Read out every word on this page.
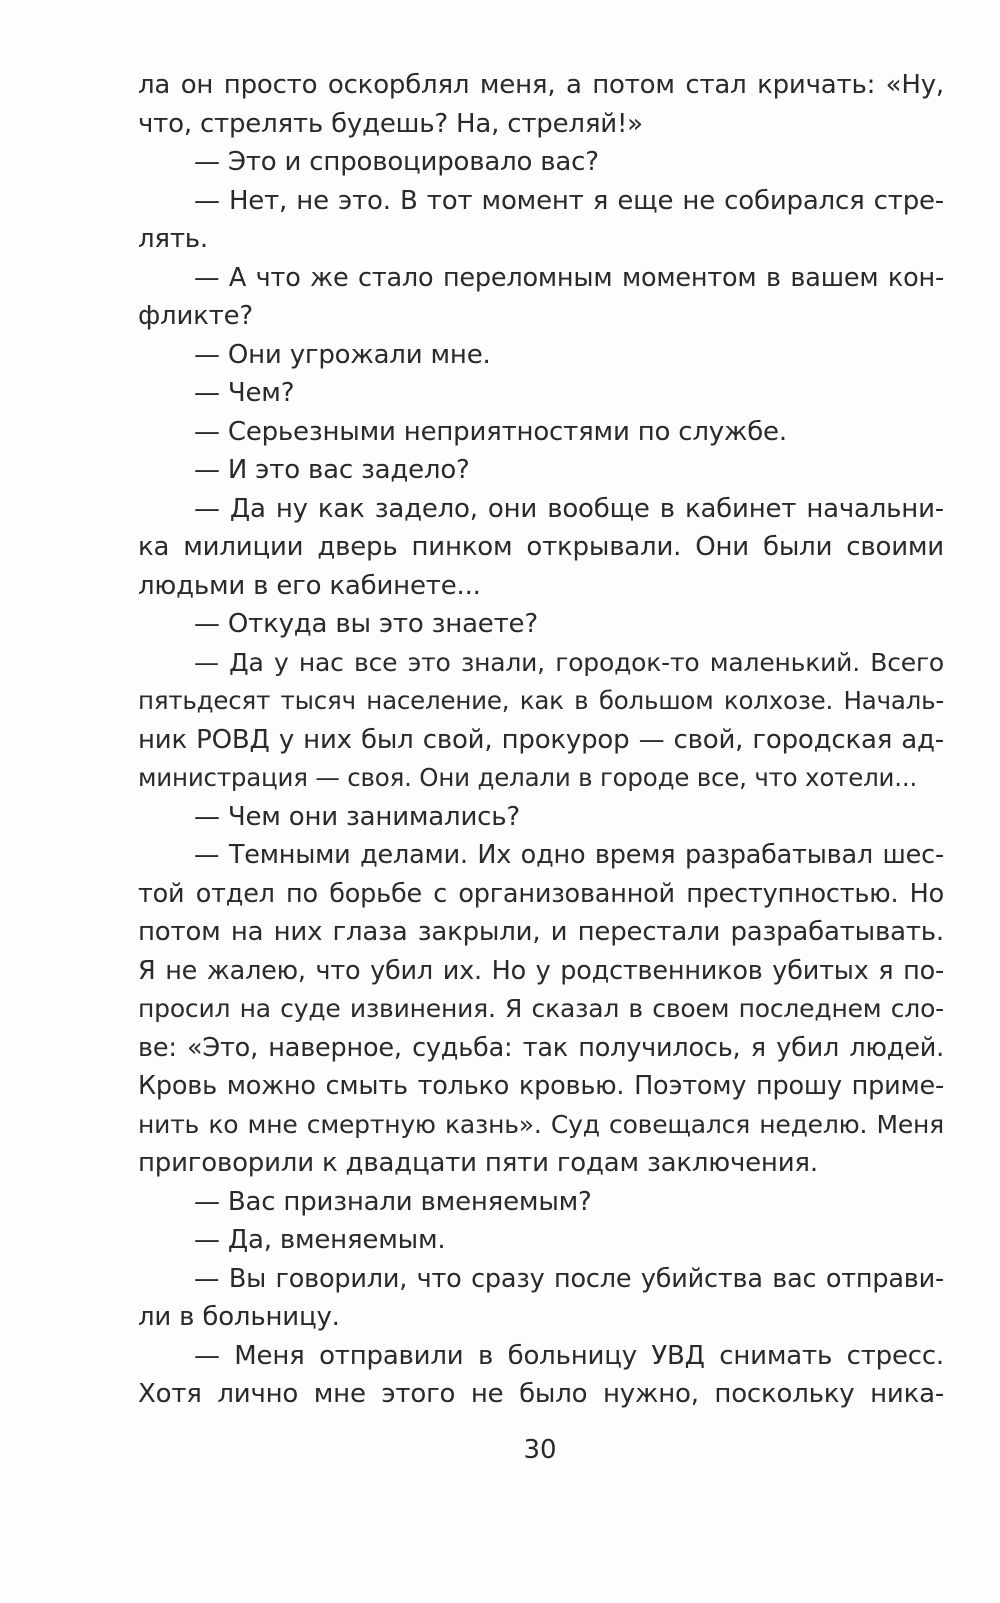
ла он просто оскорблял меня, а потом стал кричать: «Ну,
что, стрелять будешь? На, стреляй!»
— Это и спровоцировало вас?
— Нет, не это. В тот момент я еще не собирался стре-
лять.
— А что же стало переломным моментом в вашем кон-
фликте?
— Они угрожали мне.
— Чем?
— Серьезными неприятностями по службе.
— И это вас задело?
— Да ну как задело, они вообще в кабинет начальни-
ка милиции дверь пинком открывали. Они были своими
людьми в его кабинете...
— Откуда вы это знаете?
— Да у нас все это знали, городок-то маленький. Всего
пятьдесят тысяч население, как в большом колхозе. Началь-
ник РОВД у них был свой, прокурор — свой, городская ад-
министрация — своя. Они делали в городе все, что хотели...
— Чем они занимались?
— Темными делами. Их одно время разрабатывал шес-
той отдел по борьбе с организованной преступностью. Но
потом на них глаза закрыли, и перестали разрабатывать.
Я не жалею, что убил их. Но у родственников убитых я по-
просил на суде извинения. Я сказал в своем последнем сло-
ве: «Это, наверное, судьба: так получилось, я убил людей.
Кровь можно смыть только кровью. Поэтому прошу приме-
нить ко мне смертную казнь». Суд совещался неделю. Меня
приговорили к двадцати пяти годам заключения.
— Вас признали вменяемым?
— Да, вменяемым.
— Вы говорили, что сразу после убийства вас отправи-
ли в больницу.
— Меня отправили в больницу УВД снимать стресс.
Хотя лично мне этого не было нужно, поскольку ника-
30
